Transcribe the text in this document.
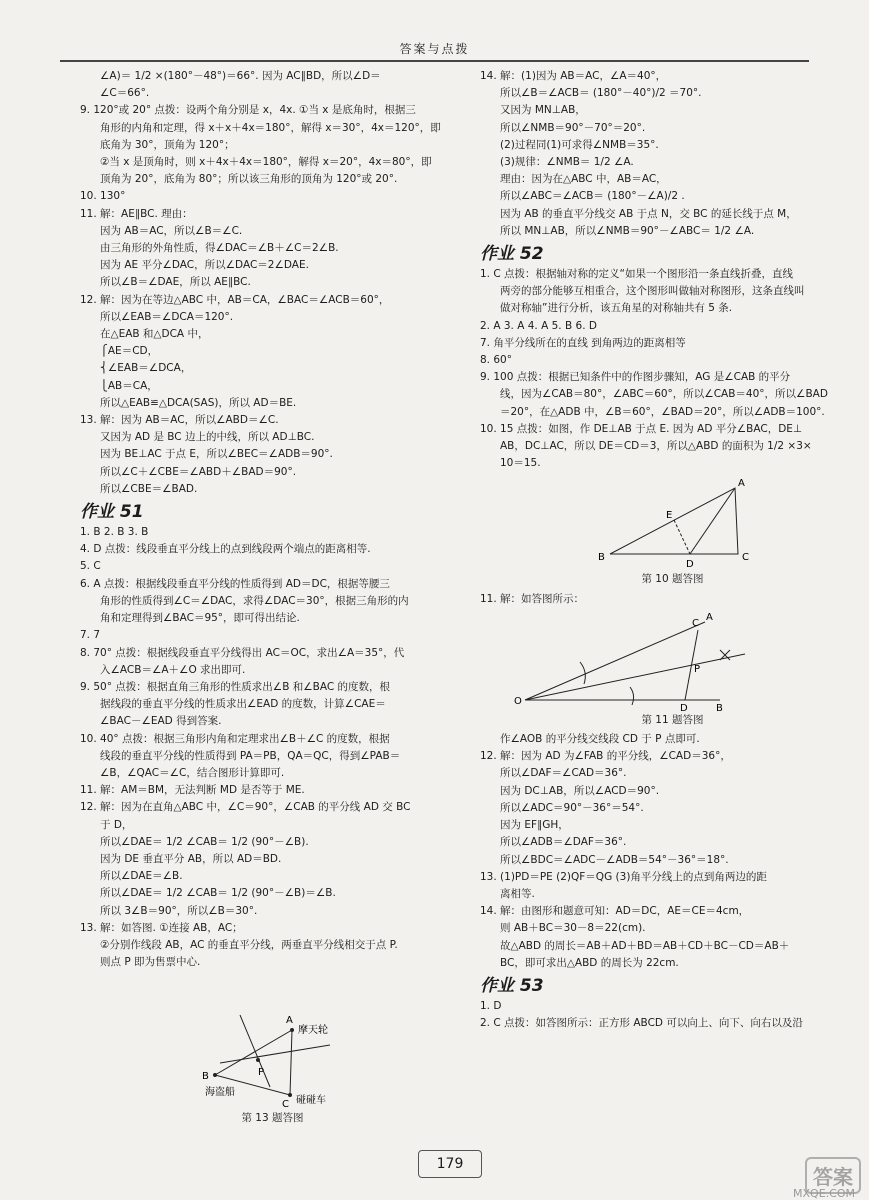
答案与点拨

∠A)＝ 1/2 ×(180°－48°)＝66°. 因为 AC∥BD，所以∠D＝

∠C＝66°.

9. 120°或 20° 点拨：设两个角分别是 x，4x. ①当 x 是底角时，根据三

角形的内角和定理，得 x＋x＋4x＝180°，解得 x＝30°，4x＝120°，即

底角为 30°，顶角为 120°；

②当 x 是顶角时，则 x＋4x＋4x＝180°，解得 x＝20°，4x＝80°，即

顶角为 20°，底角为 80°；所以该三角形的顶角为 120°或 20°.

10. 130°

11. 解：AE∥BC. 理由：

因为 AB＝AC，所以∠B＝∠C.

由三角形的外角性质，得∠DAC＝∠B＋∠C＝2∠B.

因为 AE 平分∠DAC，所以∠DAC＝2∠DAE.

所以∠B＝∠DAE，所以 AE∥BC.

12. 解：因为在等边△ABC 中，AB＝CA，∠BAC＝∠ACB＝60°，

所以∠EAB＝∠DCA＝120°.

在△EAB 和△DCA 中，

⎧AE＝CD，

⎨∠EAB＝∠DCA，

⎩AB＝CA，

所以△EAB≌△DCA(SAS)，所以 AD＝BE.

13. 解：因为 AB＝AC，所以∠ABD＝∠C.

又因为 AD 是 BC 边上的中线，所以 AD⊥BC.

因为 BE⊥AC 于点 E，所以∠BEC＝∠ADB＝90°.

所以∠C＋∠CBE＝∠ABD＋∠BAD＝90°.

所以∠CBE＝∠BAD.

作业 51

1. B 2. B 3. B

4. D 点拨：线段垂直平分线上的点到线段两个端点的距离相等.

5. C

6. A 点拨：根据线段垂直平分线的性质得到 AD＝DC，根据等腰三

角形的性质得到∠C＝∠DAC，求得∠DAC＝30°，根据三角形的内

角和定理得到∠BAC＝95°，即可得出结论.

7. 7

8. 70° 点拨：根据线段垂直平分线得出 AC＝OC，求出∠A＝35°，代

入∠ACB＝∠A＋∠O 求出即可.

9. 50° 点拨：根据直角三角形的性质求出∠B 和∠BAC 的度数，根

据线段的垂直平分线的性质求出∠EAD 的度数，计算∠CAE＝

∠BAC－∠EAD 得到答案.

10. 40° 点拨：根据三角形内角和定理求出∠B＋∠C 的度数，根据

线段的垂直平分线的性质得到 PA＝PB，QA＝QC，得到∠PAB＝

∠B，∠QAC＝∠C，结合图形计算即可.

11. 解：AM＝BM，无法判断 MD 是否等于 ME.

12. 解：因为在直角△ABC 中，∠C＝90°，∠CAB 的平分线 AD 交 BC

于 D，

所以∠DAE＝ 1/2 ∠CAB＝ 1/2 (90°－∠B).

因为 DE 垂直平分 AB，所以 AD＝BD.

所以∠DAE＝∠B.

所以∠DAE＝ 1/2 ∠CAB＝ 1/2 (90°－∠B)＝∠B.

所以 3∠B＝90°，所以∠B＝30°.

13. 解：如答图. ①连接 AB，AC；

②分别作线段 AB，AC 的垂直平分线，两垂直平分线相交于点 P.

则点 P 即为售票中心.

A
摩天轮
B
海盗船
P
C 碰碰车
第 13 题答图

14. 解：(1)因为 AB＝AC，∠A＝40°，

所以∠B＝∠ACB＝ (180°－40°)/2 ＝70°.

又因为 MN⊥AB，

所以∠NMB＝90°－70°＝20°.

(2)过程同(1)可求得∠NMB＝35°.

(3)规律：∠NMB＝ 1/2 ∠A.

理由：因为在△ABC 中，AB＝AC，

所以∠ABC＝∠ACB＝ (180°－∠A)/2 .

因为 AB 的垂直平分线交 AB 于点 N，交 BC 的延长线于点 M，

所以 MN⊥AB，所以∠NMB＝90°－∠ABC＝ 1/2 ∠A.

作业 52

1. C 点拨：根据轴对称的定义“如果一个图形沿一条直线折叠，直线

两旁的部分能够互相重合，这个图形叫做轴对称图形，这条直线叫

做对称轴”进行分析，该五角星的对称轴共有 5 条.

2. A 3. A 4. A 5. B 6. D

7. 角平分线所在的直线 到角两边的距离相等

8. 60°

9. 100 点拨：根据已知条件中的作图步骤知，AG 是∠CAB 的平分

线，因为∠CAB＝80°，∠ABC＝60°，所以∠CAB＝40°，所以∠BAD

＝20°，在△ADB 中，∠B＝60°，∠BAD＝20°，所以∠ADB＝100°.

10. 15 点拨：如图，作 DE⊥AB 于点 E. 因为 AD 平分∠BAC，DE⊥

AB，DC⊥AC，所以 DE＝CD＝3，所以△ABD 的面积为 1/2 ×3×

10＝15.

A
E
B
D
C
第 10 题答图

11. 解：如答图所示：

C
A
P
O
D	B
第 11 题答图

作∠AOB 的平分线交线段 CD 于 P 点即可.

12. 解：因为 AD 为∠FAB 的平分线，∠CAD＝36°，

所以∠DAF＝∠CAD＝36°.

因为 DC⊥AB，所以∠ACD＝90°.

所以∠ADC＝90°－36°＝54°.

因为 EF∥GH，

所以∠ADB＝∠DAF＝36°.

所以∠BDC＝∠ADC－∠ADB＝54°－36°＝18°.

13. (1)PD＝PE (2)QF＝QG (3)角平分线上的点到角两边的距

离相等.

14. 解：由图形和题意可知：AD＝DC，AE＝CE＝4cm，

则 AB＋BC＝30－8＝22(cm).

故△ABD 的周长＝AB＋AD＋BD＝AB＋CD＋BC－CD＝AB＋

BC，即可求出△ABD 的周长为 22cm.

作业 53

1. D

2. C 点拨：如答图所示：正方形 ABCD 可以向上、向下、向右以及沿

179
答案
MXQE.COM
